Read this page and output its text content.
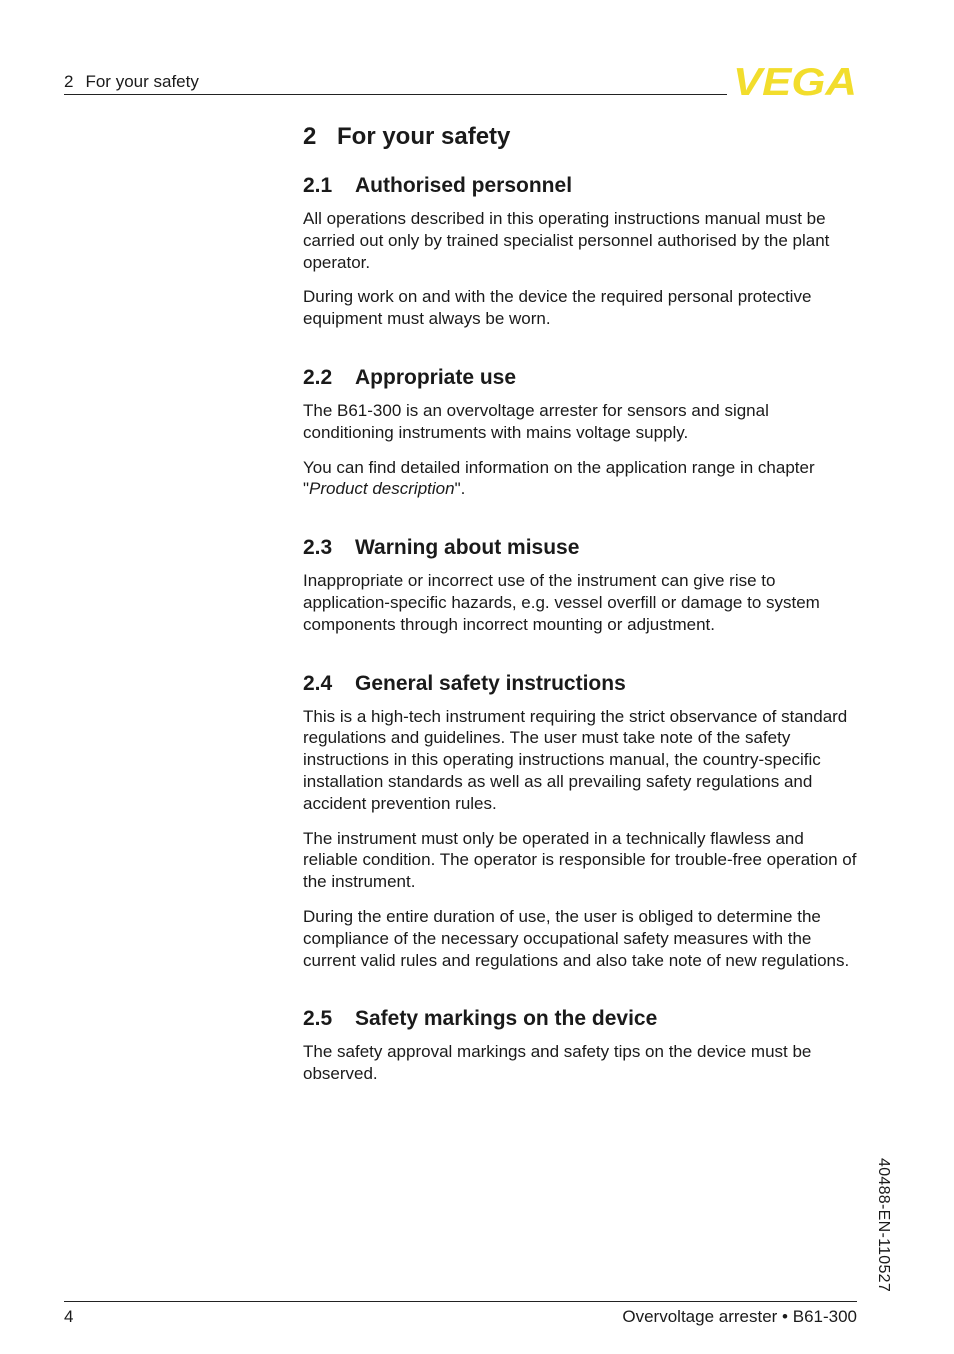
2 For your safety	VEGA
2 For your safety
2.1 Authorised personnel

All operations described in this operating instructions manual must be carried out only by trained specialist personnel authorised by the plant operator.

During work on and with the device the required personal protective equipment must always be worn.

2.2 Appropriate use

The B61-300 is an overvoltage arrester for sensors and signal conditioning instruments with mains voltage supply.

You can find detailed information on the application range in chapter "Product description".

2.3 Warning about misuse

Inappropriate or incorrect use of the instrument can give rise to application-specific hazards, e.g. vessel overfill or damage to system components through incorrect mounting or adjustment.

2.4 General safety instructions

This is a high-tech instrument requiring the strict observance of standard regulations and guidelines. The user must take note of the safety instructions in this operating instructions manual, the country-specific installation standards as well as all prevailing safety regulations and accident prevention rules.

The instrument must only be operated in a technically flawless and reliable condition. The operator is responsible for trouble-free operation of the instrument.

During the entire duration of use, the user is obliged to determine the compliance of the necessary occupational safety measures with the current valid rules and regulations and also take note of new regulations.

2.5 Safety markings on the device

The safety approval markings and safety tips on the device must be observed.

40488-EN-110527
4	Overvoltage arrester • B61-300
